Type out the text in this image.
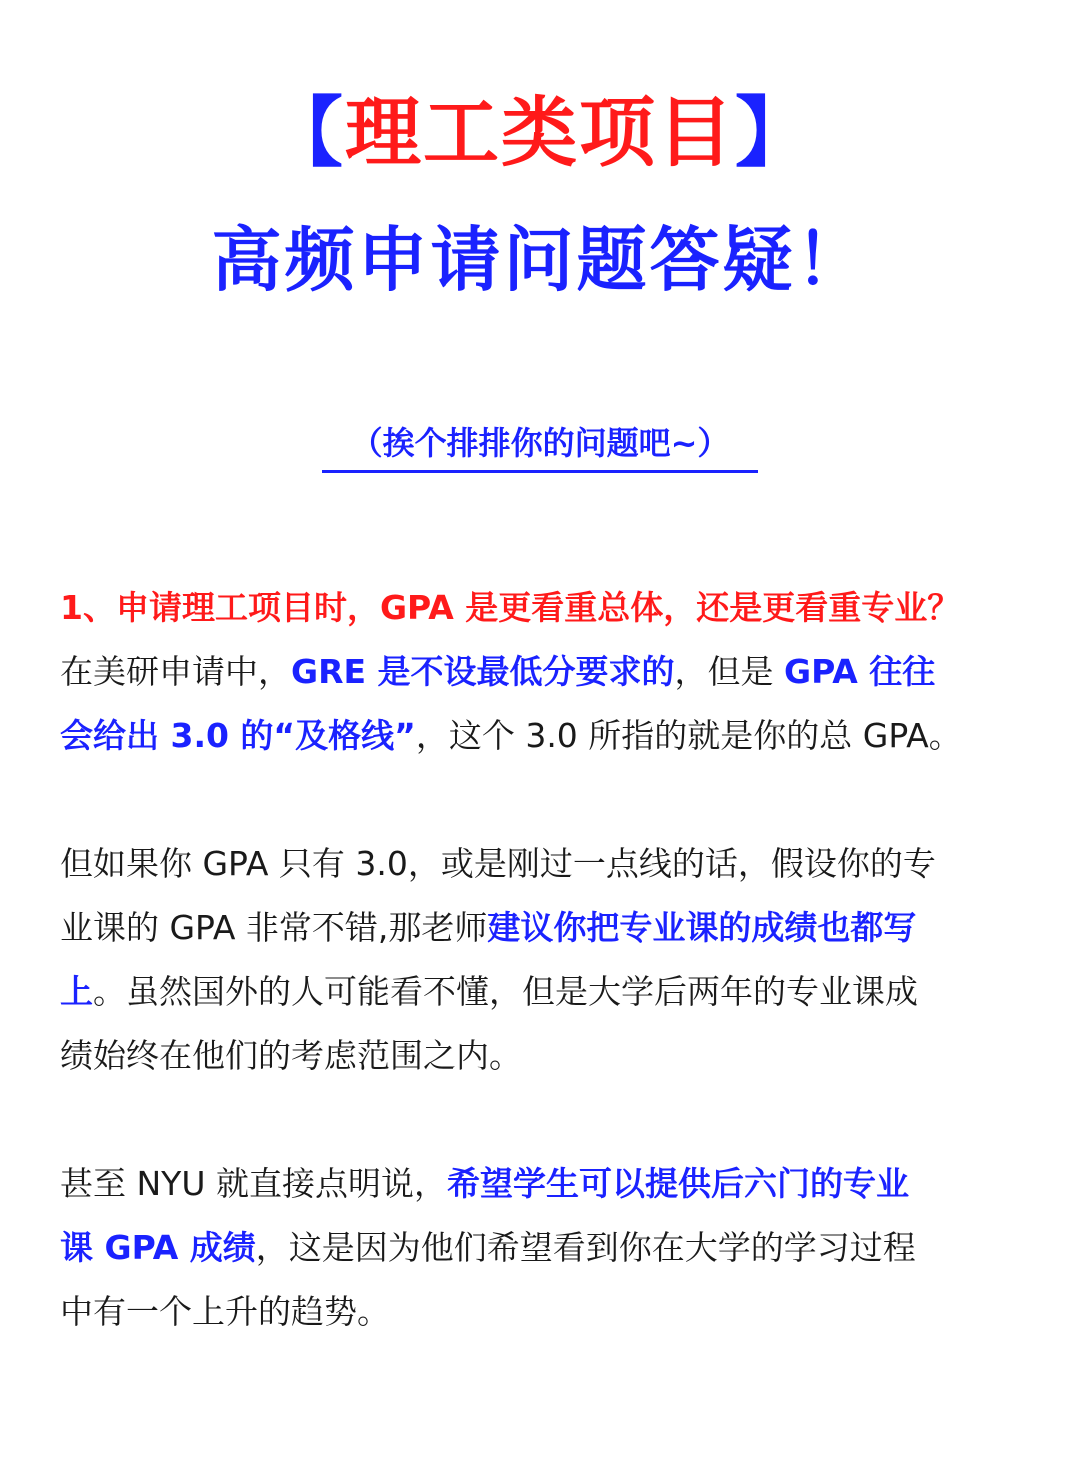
【理工类项目】
高频申请问题答疑！
（挨个排排你的问题吧~）

1、申请理工项目时，GPA 是更看重总体，还是更看重专业？

在美研申请中，GRE 是不设最低分要求的，但是 GPA 往往

会给出 3.0 的“及格线”，这个 3.0 所指的就是你的总 GPA。

但如果你 GPA 只有 3.0，或是刚过一点线的话，假设你的专

业课的 GPA 非常不错,那老师建议你把专业课的成绩也都写

上。虽然国外的人可能看不懂，但是大学后两年的专业课成

绩始终在他们的考虑范围之内。

甚至 NYU 就直接点明说，希望学生可以提供后六门的专业

课 GPA 成绩，这是因为他们希望看到你在大学的学习过程

中有一个上升的趋势。
